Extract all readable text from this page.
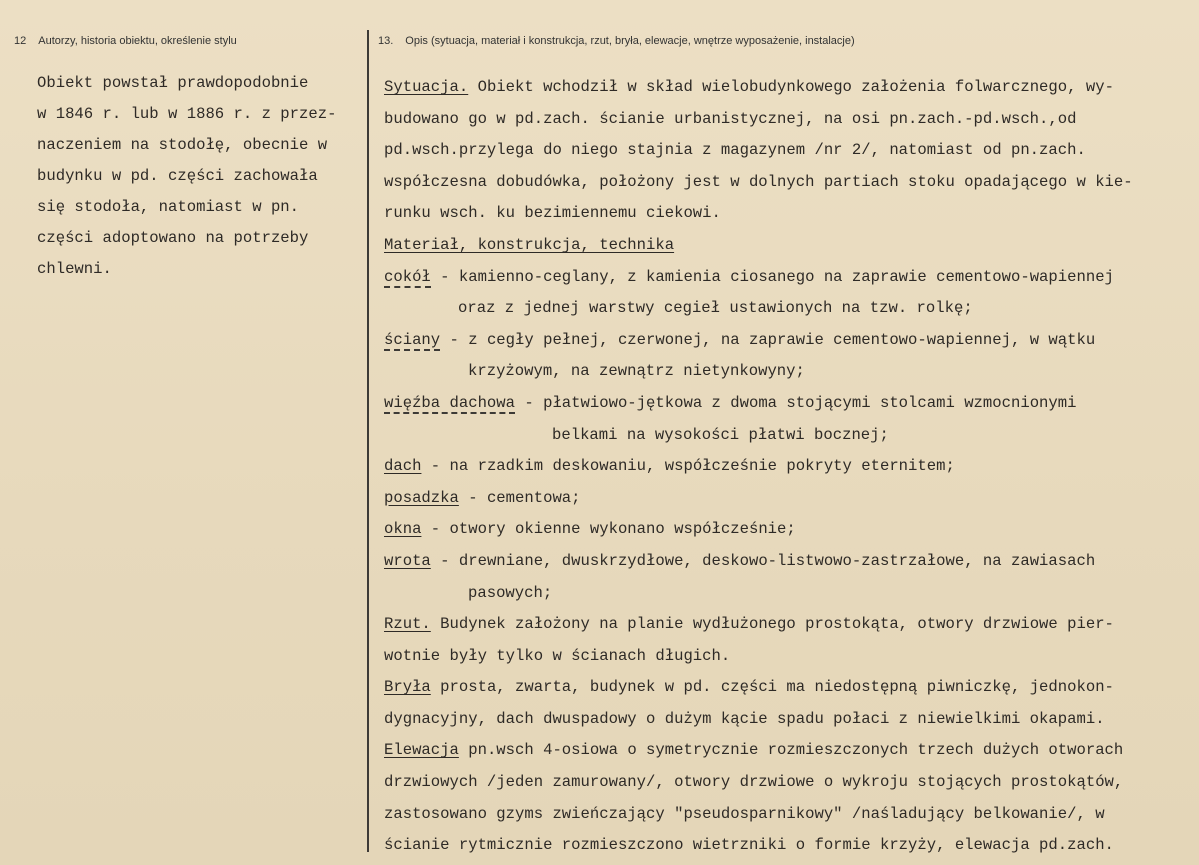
12 Autorzy, historia obiektu, określenie stylu
Obiekt powstał prawdopodobnie
w 1846 r. lub w 1886 r. z przez-
naczeniem na stodołę, obecnie w
budynku w pd. części zachowała
się stodoła, natomiast w pn.
części adoptowano na potrzeby
chlewni.
13. Opis (sytuacja, materiał i konstrukcja, rzut, bryła, elewacje, wnętrze wyposażenie, instalacje)
Sytuacja. Obiekt wchodził w skład wielobudynkowego założenia folwarcznego, wy-
budowano go w pd.zach. ścianie urbanistycznej, na osi pn.zach.-pd.wsch.,od
pd.wsch.przylega do niego stajnia z magazynem /nr 2/, natomiast od pn.zach.
współczesna dobudówka, położony jest w dolnych partiach stoku opadającego w kie-
runku wsch. ku bezimiennemu ciekowi.
Materiał, konstrukcja, technika
cokół - kamienno-ceglany, z kamienia ciosanego na zaprawie cementowo-wapiennej
oraz z jednej warstwy cegieł ustawionych na tzw. rolkę;
ściany - z cegły pełnej, czerwonej, na zaprawie cementowo-wapiennej, w wątku
krzyżowym, na zewnątrz nietynkowyny;
więźba dachowa - płatwiowo-jętkowa z dwoma stojącymi stolcami wzmocnionymi
belkami na wysokości płatwi bocznej;
dach - na rzadkim deskowaniu, współcześnie pokryty eternitem;
posadzka - cementowa;
okna - otwory okienne wykonano współcześnie;
wrota - drewniane, dwuskrzydłowe, deskowo-listwowo-zastrzałowe, na zawiasach
pasowych;
Rzut. Budynek założony na planie wydłużonego prostokąta, otwory drzwiowe pier-
wotnie były tylko w ścianach długich.
Bryła prosta, zwarta, budynek w pd. części ma niedostępną piwniczkę, jednokon-
dygnacyjny, dach dwuspadowy o dużym kącie spadu połaci z niewielkimi okapami.
Elewacja pn.wsch 4-osiowa o symetrycznie rozmieszczonych trzech dużych otworach
drzwiowych /jeden zamurowany/, otwory drzwiowe o wykroju stojących prostokątów,
zastosowano gzyms zwieńczający "pseudosparnikowy" /naśladujący belkowanie/, w
ścianie rytmicznie rozmieszczono wietrzniki o formie krzyży, elewacja pd.zach.
